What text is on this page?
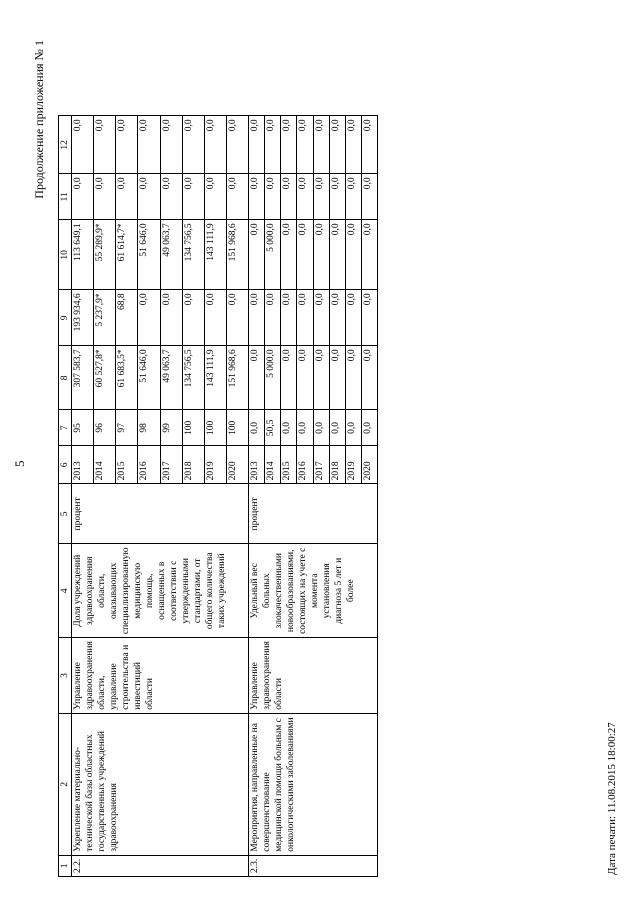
5
Продолжение приложения № 1
1	2	3	4	5	6	7	8	9	10	11	12
2.2.	Укрепление материально-технической базы областных государственных учреждений здравоохранения	Управление здравоохранения области, управление строительства и инвестиций области	Доля учреждений здравоохранения области, оказывающих специализированную медицинскую помощь, оснащенных в соответствии с утвержденными стандартами, от общего количества таких учреждений	процент	2013	95	307 583,7	193 934,6	113 649,1	0,0	0,0
					2014	96	60 527,8*	5 237,9*	55 289,9*	0,0	0,0
					2015	97	61 683,5*	68,8	61 614,7*	0,0	0,0
					2016	98	51 646,0	0,0	51 646,0	0,0	0,0
					2017	99	49 063,7	0,0	49 063,7	0,0	0,0
					2018	100	134 756,5	0,0	134 756,5	0,0	0,0
					2019	100	143 111,9	0,0	143 111,9	0,0	0,0
					2020	100	151 968,6	0,0	151 968,6	0,0	0,0
2.3.	Мероприятия, направленные на совершенствование медицинской помощи больным с онкологическими заболеваниями	Управление здравоохранения области	Удельный вес больных злокачественными новообразованиями, состоящих на учете с момента установления диагноза 5 лет и более	процент	2013	0,0	0,0	0,0	0,0	0,0	0,0
					2014	50,5	5 000,0	0,0	5 000,0	0,0	0,0
					2015	0,0	0,0	0,0	0,0	0,0	0,0
					2016	0,0	0,0	0,0	0,0	0,0	0,0
					2017	0,0	0,0	0,0	0,0	0,0	0,0
					2018	0,0	0,0	0,0	0,0	0,0	0,0
					2019	0,0	0,0	0,0	0,0	0,0	0,0
					2020	0,0	0,0	0,0	0,0	0,0	0,0
Дата печати: 11.08.2015 18:00:27
